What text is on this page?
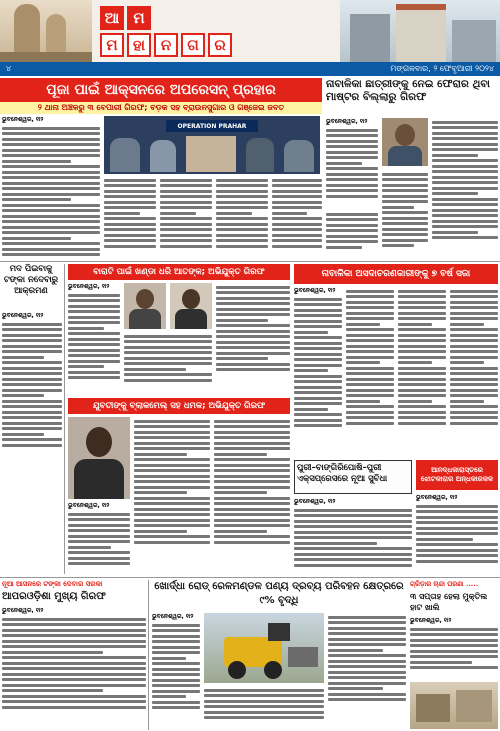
ଆ ମ
ମ	ହା	ନ	ଗ	ର
୪	ମଙ୍ଗଳବାର, ୨ ଫେବୃଆରୀ ୨୦୨୪
ପୂଜା ପାଇଁ ଆକ୍ସନରେ ଅପରେସନ୍ ପ୍ରହାର
୨ ଥାନା ଅଞ୍ଚଳରୁ ୩ ବେପାରୀ ଗିରଫ; ବଡ଼କ ସହ ବ୍ରାଉନସୁଗାର ଓ ଗଞ୍ଜେଇ ଜବତ
ଭୁବନେଶ୍ୱର, ୧ା୨
OPERATION PRAHAR
ନାବାଳିକା ଛାତ୍ରୀଙ୍କୁ ନେଇ ଫେରାର ଥିବା ମାଷ୍ଟର ବିଲ୍ଲାରୁ ଗିରଫ
ଭୁବନେଶ୍ୱର, ୧ା୨
ମଦ ପିଇବାକୁ ଟଙ୍କା ନଦେବାରୁ ଆକ୍ରମଣ
ଭୁବନେଶ୍ୱର, ୧ା୨
ବାରାଟି ପାଇଁ ଖଣ୍ଡା ଧରି ଆତଙ୍କ; ଅଭିଯୁକ୍ତ ଗିରଫ
ଭୁବନେଶ୍ୱର, ୧ା୨
ନାବାଳିକା ଅସଦାଚରଣକାରୀଙ୍କୁ ୭ ବର୍ଷ ସଜା
ଭୁବନେଶ୍ୱର, ୧ା୨
ଯୁବତୀଙ୍କୁ ବ୍ଲାକମେଲ୍ ସହ ଧମକ; ଅଭିଯୁକ୍ତ ଗିରଫ
ଭୁବନେଶ୍ୱର, ୧ା୨
ପୁରୀ–ବାଙ୍ଗିରିପୋଷି–ପୁରୀ ଏକ୍ସପ୍ରେସରେ ନୂଆ ସୁବିଧା
ଭୁବନେଶ୍ୱର, ୧ା୨
ଆନଦ୍ଧକାରାସ୍ତରେ ଝୋଟକାରାର ଅନ୍ଧକାରକଳ
ଭୁବନେଶ୍ୱର, ୧ା୨
ନୂଆ ଆସନରେ ଟଙ୍କା ଦେବାର ସରକା
ଆପରଓଡ଼ିଶା ମୁଖ୍ୟ ଗିରଫ
ଭୁବନେଶ୍ୱର, ୧ା୨
ଖୋର୍ଦ୍ଧା ରୋଡ୍ ରେଳମଣ୍ଡଳ ପଣ୍ୟ ଦ୍ରବ୍ୟ ପରିବହନ କ୍ଷେତ୍ରରେ ୯% ବୃଦ୍ଧି
ଭୁବନେଶ୍ୱର, ୧ା୨
ଗ୍ରିଡ଼ାର ଚାନ୍ଦା ଘରଣା .....
୩ ସପ୍ତାହ ହେଲା ମୁକ୍ତିଲ ହାଟ ଖାଲି
ଭୁବନେଶ୍ୱର, ୧ା୨
